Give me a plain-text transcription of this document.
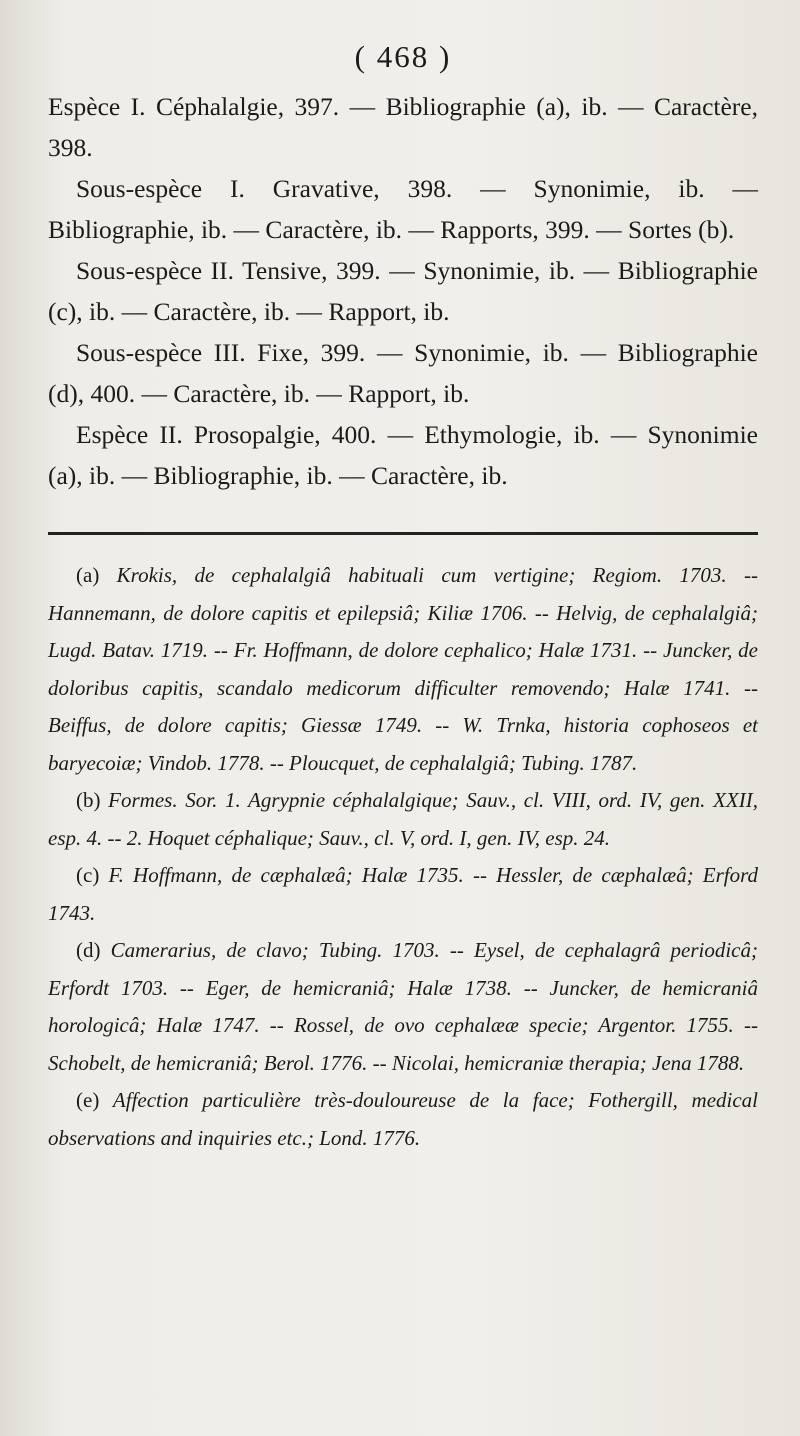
( 468 )

Espèce I. Céphalalgie, 397. — Bibliographie (a), ib. — Caractère, 398.

Sous-espèce I. Gravative, 398. — Synonimie, ib. — Bibliographie, ib. — Caractère, ib. — Rapports, 399. — Sortes (b).

Sous-espèce II. Tensive, 399. — Synonimie, ib. — Bibliographie (c), ib. — Caractère, ib. — Rapport, ib.

Sous-espèce III. Fixe, 399. — Synonimie, ib. — Bibliographie (d), 400. — Caractère, ib. — Rapport, ib.

Espèce II. Prosopalgie, 400. — Ethymologie, ib. — Synonimie (a), ib. — Bibliographie, ib. — Caractère, ib.

(a) Krokis, de cephalalgiâ habituali cum vertigine; Regiom. 1703. -- Hannemann, de dolore capitis et epilepsiâ; Kiliæ 1706. -- Helvig, de cephalalgiâ; Lugd. Batav. 1719. -- Fr. Hoffmann, de dolore cephalico; Halæ 1731. -- Juncker, de doloribus capitis, scandalo medicorum difficulter removendo; Halæ 1741. -- Beiffus, de dolore capitis; Giessæ 1749. -- W. Trnka, historia cophoseos et baryecoiæ; Vindob. 1778. -- Ploucquet, de cephalalgiâ; Tubing. 1787.

(b) Formes. Sor. 1. Agrypnie céphalalgique; Sauv., cl. VIII, ord. IV, gen. XXII, esp. 4. -- 2. Hoquet céphalique; Sauv., cl. V, ord. I, gen. IV, esp. 24.

(c) F. Hoffmann, de cæphalæâ; Halæ 1735. -- Hessler, de cæphalæâ; Erford 1743.

(d) Camerarius, de clavo; Tubing. 1703. -- Eysel, de cephalagrâ periodicâ; Erfordt 1703. -- Eger, de hemicraniâ; Halæ 1738. -- Juncker, de hemicraniâ horologicâ; Halæ 1747. -- Rossel, de ovo cephalææ specie; Argentor. 1755. -- Schobelt, de hemicraniâ; Berol. 1776. -- Nicolai, hemicraniæ therapia; Jena 1788.

(e) Affection particulière très-douloureuse de la face; Fothergill, medical observations and inquiries etc.; Lond. 1776.
